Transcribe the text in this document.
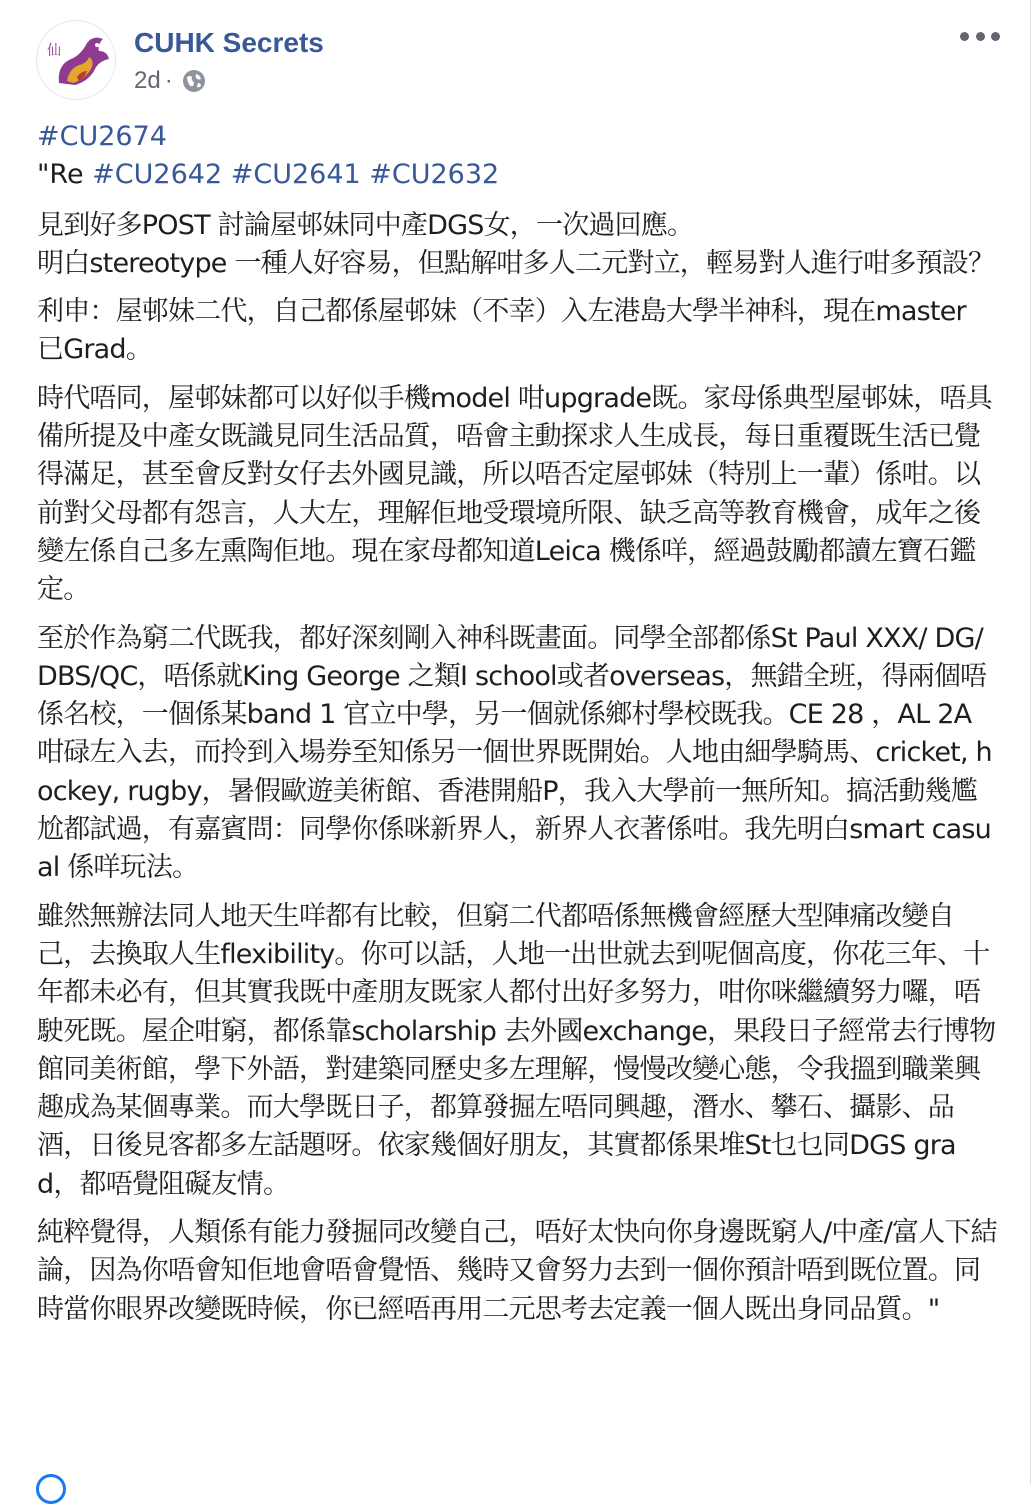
仙	CUHK Secrets
2d ·

#CU2674

"Re #CU2642 #CU2641 #CU2632

見到好多POST 討論屋邨妹同中產DGS女，一次過回應。
明白stereotype 一種人好容易，但點解咁多人二元對立，輕易對人進行咁多預設？

利申：屋邨妹二代，自己都係屋邨妹（不幸）入左港島大學半神科，現在master 已Grad。

時代唔同，屋邨妹都可以好似手機model 咁upgrade既。家母係典型屋邨妹，唔具備所提及中產女既識見同生活品質，唔會主動探求人生成長，每日重覆既生活已覺得滿足，甚至會反對女仔去外國見識，所以唔否定屋邨妹（特別上一輩）係咁。以前對父母都有怨言，人大左，理解佢地受環境所限、缺乏高等教育機會，成年之後變左係自己多左熏陶佢地。現在家母都知道Leica 機係咩，經過鼓勵都讀左寶石鑑定。

至於作為窮二代既我，都好深刻剛入神科既畫面。同學全部都係St Paul XXX/ DG/DBS/QC，唔係就King George 之類I school或者overseas，無錯全班，得兩個唔係名校，一個係某band 1 官立中學，另一個就係鄉村學校既我。CE 28 ，AL 2A咁碌左入去，而拎到入場券至知係另一個世界既開始。人地由細學騎馬、cricket, hockey, rugby，暑假歐遊美術館、香港開船P，我入大學前一無所知。搞活動幾尷尬都試過，有嘉賓問：同學你係咪新界人，新界人衣著係咁。我先明白smart casual 係咩玩法。

雖然無辦法同人地天生咩都有比較，但窮二代都唔係無機會經歷大型陣痛改變自己，去換取人生flexibility。你可以話，人地一出世就去到呢個高度，你花三年、十年都未必有，但其實我既中產朋友既家人都付出好多努力，咁你咪繼續努力囉，唔駛死既。屋企咁窮，都係靠scholarship 去外國exchange，果段日子經常去行博物館同美術館，學下外語，對建築同歷史多左理解，慢慢改變心態，令我搵到職業興趣成為某個專業。而大學既日子，都算發掘左唔同興趣，潛水、攀石、攝影、品酒，日後見客都多左話題呀。依家幾個好朋友，其實都係果堆St乜乜同DGS grad，都唔覺阻礙友情。

純粹覺得，人類係有能力發掘同改變自己，唔好太快向你身邊既窮人/中產/富人下結論，因為你唔會知佢地會唔會覺悟、幾時又會努力去到一個你預計唔到既位置。同時當你眼界改變既時候，你已經唔再用二元思考去定義一個人既出身同品質。"
